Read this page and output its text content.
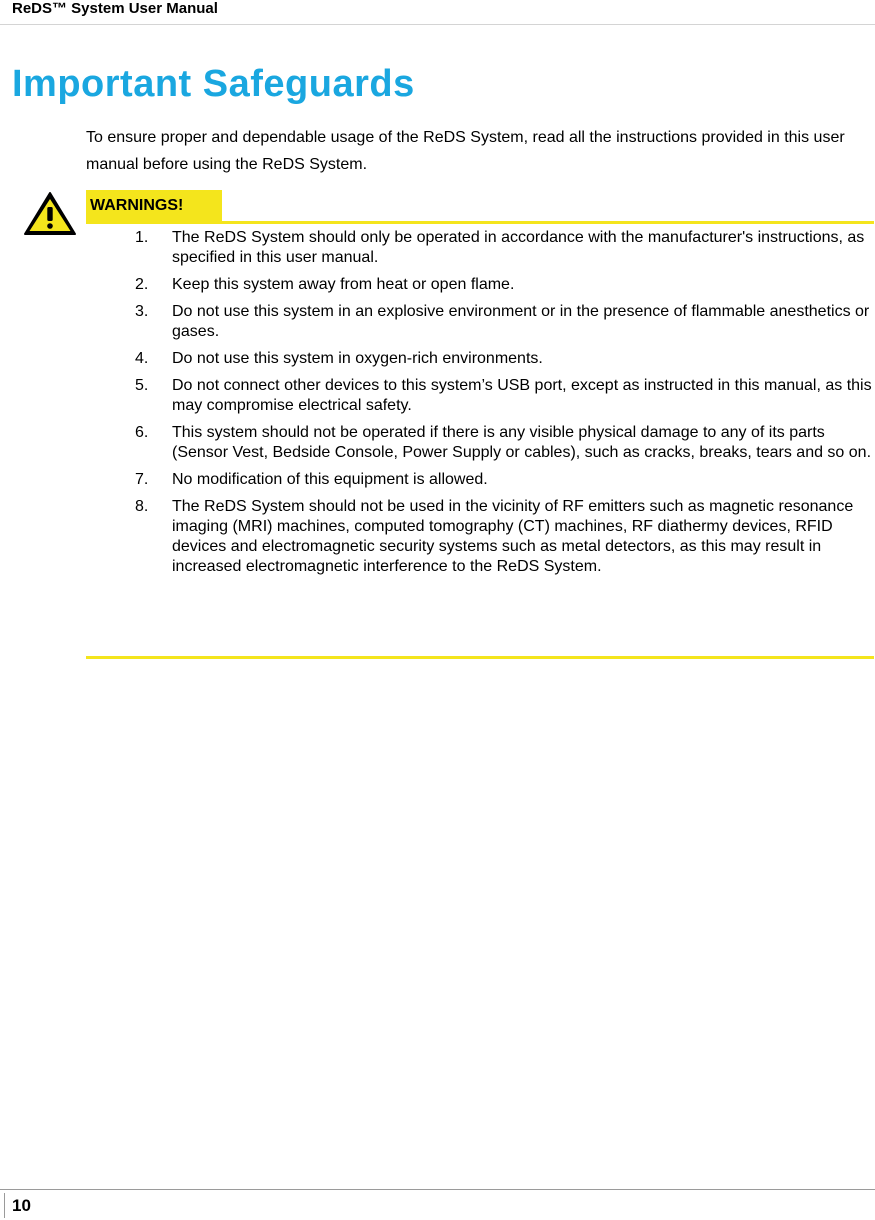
ReDS™ System User Manual
Important Safeguards

To ensure proper and dependable usage of the ReDS System, read all the instructions provided in this user manual before using the ReDS System.

WARNINGS!
1. The ReDS System should only be operated in accordance with the manufacturer's instructions, as specified in this user manual.
2. Keep this system away from heat or open flame.
3. Do not use this system in an explosive environment or in the presence of flammable anesthetics or gases.
4. Do not use this system in oxygen-rich environments.
5. Do not connect other devices to this system’s USB port, except as instructed in this manual, as this may compromise electrical safety.
6. This system should not be operated if there is any visible physical damage to any of its parts (Sensor Vest, Bedside Console, Power Supply or cables), such as cracks, breaks, tears and so on.
7. No modification of this equipment is allowed.
8. The ReDS System should not be used in the vicinity of RF emitters such as magnetic resonance imaging (MRI) machines, computed tomography (CT) machines, RF diathermy devices, RFID devices and electromagnetic security systems such as metal detectors, as this may result in increased electromagnetic interference to the ReDS System.
10
